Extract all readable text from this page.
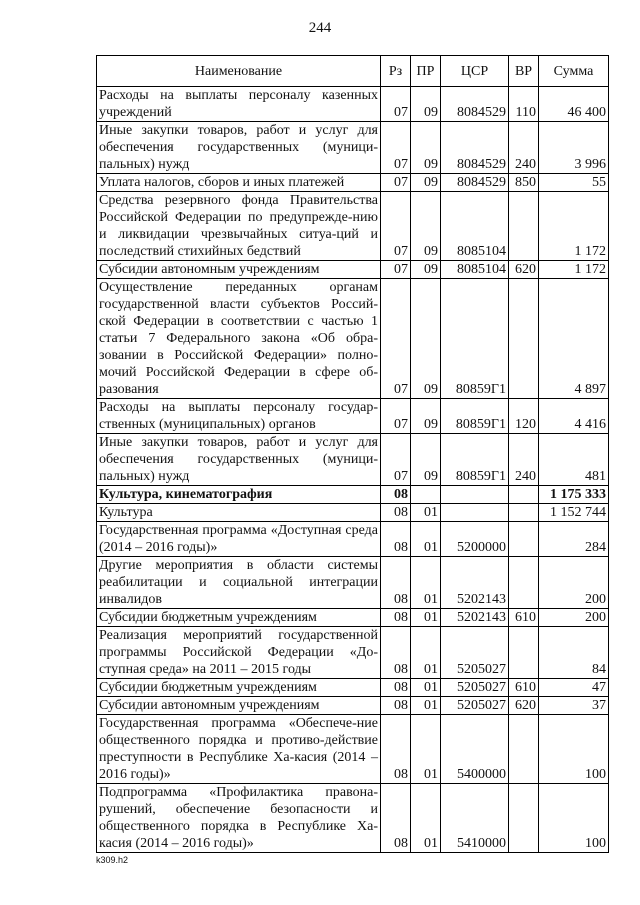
244
Наименование	Рз	ПР	ЦСР	ВР	Сумма
Расходы на выплаты персоналу казенных учреждений	07	09	8084529	110	46 400
Иные закупки товаров, работ и услуг для обеспечения государственных (муници-пальных) нужд	07	09	8084529	240	3 996
Уплата налогов, сборов и иных платежей	07	09	8084529	850	55
Средства резервного фонда Правительства Российской Федерации по предупрежде-нию и ликвидации чрезвычайных ситуа-ций и последствий стихийных бедствий	07	09	8085104		1 172
Субсидии автономным учреждениям	07	09	8085104	620	1 172
Осуществление переданных органам государственной власти субъектов Россий-ской Федерации в соответствии с частью 1 статьи 7 Федерального закона «Об обра-зовании в Российской Федерации» полно-мочий Российской Федерации в сфере об-разования	07	09	80859Г1		4 897
Расходы на выплаты персоналу государ-ственных (муниципальных) органов	07	09	80859Г1	120	4 416
Иные закупки товаров, работ и услуг для обеспечения государственных (муници-пальных) нужд	07	09	80859Г1	240	481
Культура, кинематография	08				1 175 333
Культура	08	01			1 152 744
Государственная программа «Доступная среда (2014 – 2016 годы)»	08	01	5200000		284
Другие мероприятия в области системы реабилитации и социальной интеграции инвалидов	08	01	5202143		200
Субсидии бюджетным учреждениям	08	01	5202143	610	200
Реализация мероприятий государственной программы Российской Федерации «До-ступная среда» на 2011 – 2015 годы	08	01	5205027		84
Субсидии бюджетным учреждениям	08	01	5205027	610	47
Субсидии автономным учреждениям	08	01	5205027	620	37
Государственная программа «Обеспече-ние общественного порядка и противо-действие преступности в Республике Ха-касия (2014 – 2016 годы)»	08	01	5400000		100
Подпрограмма «Профилактика правона-рушений, обеспечение безопасности и общественного порядка в Республике Ха-касия (2014 – 2016 годы)»	08	01	5410000		100
k309.h2
